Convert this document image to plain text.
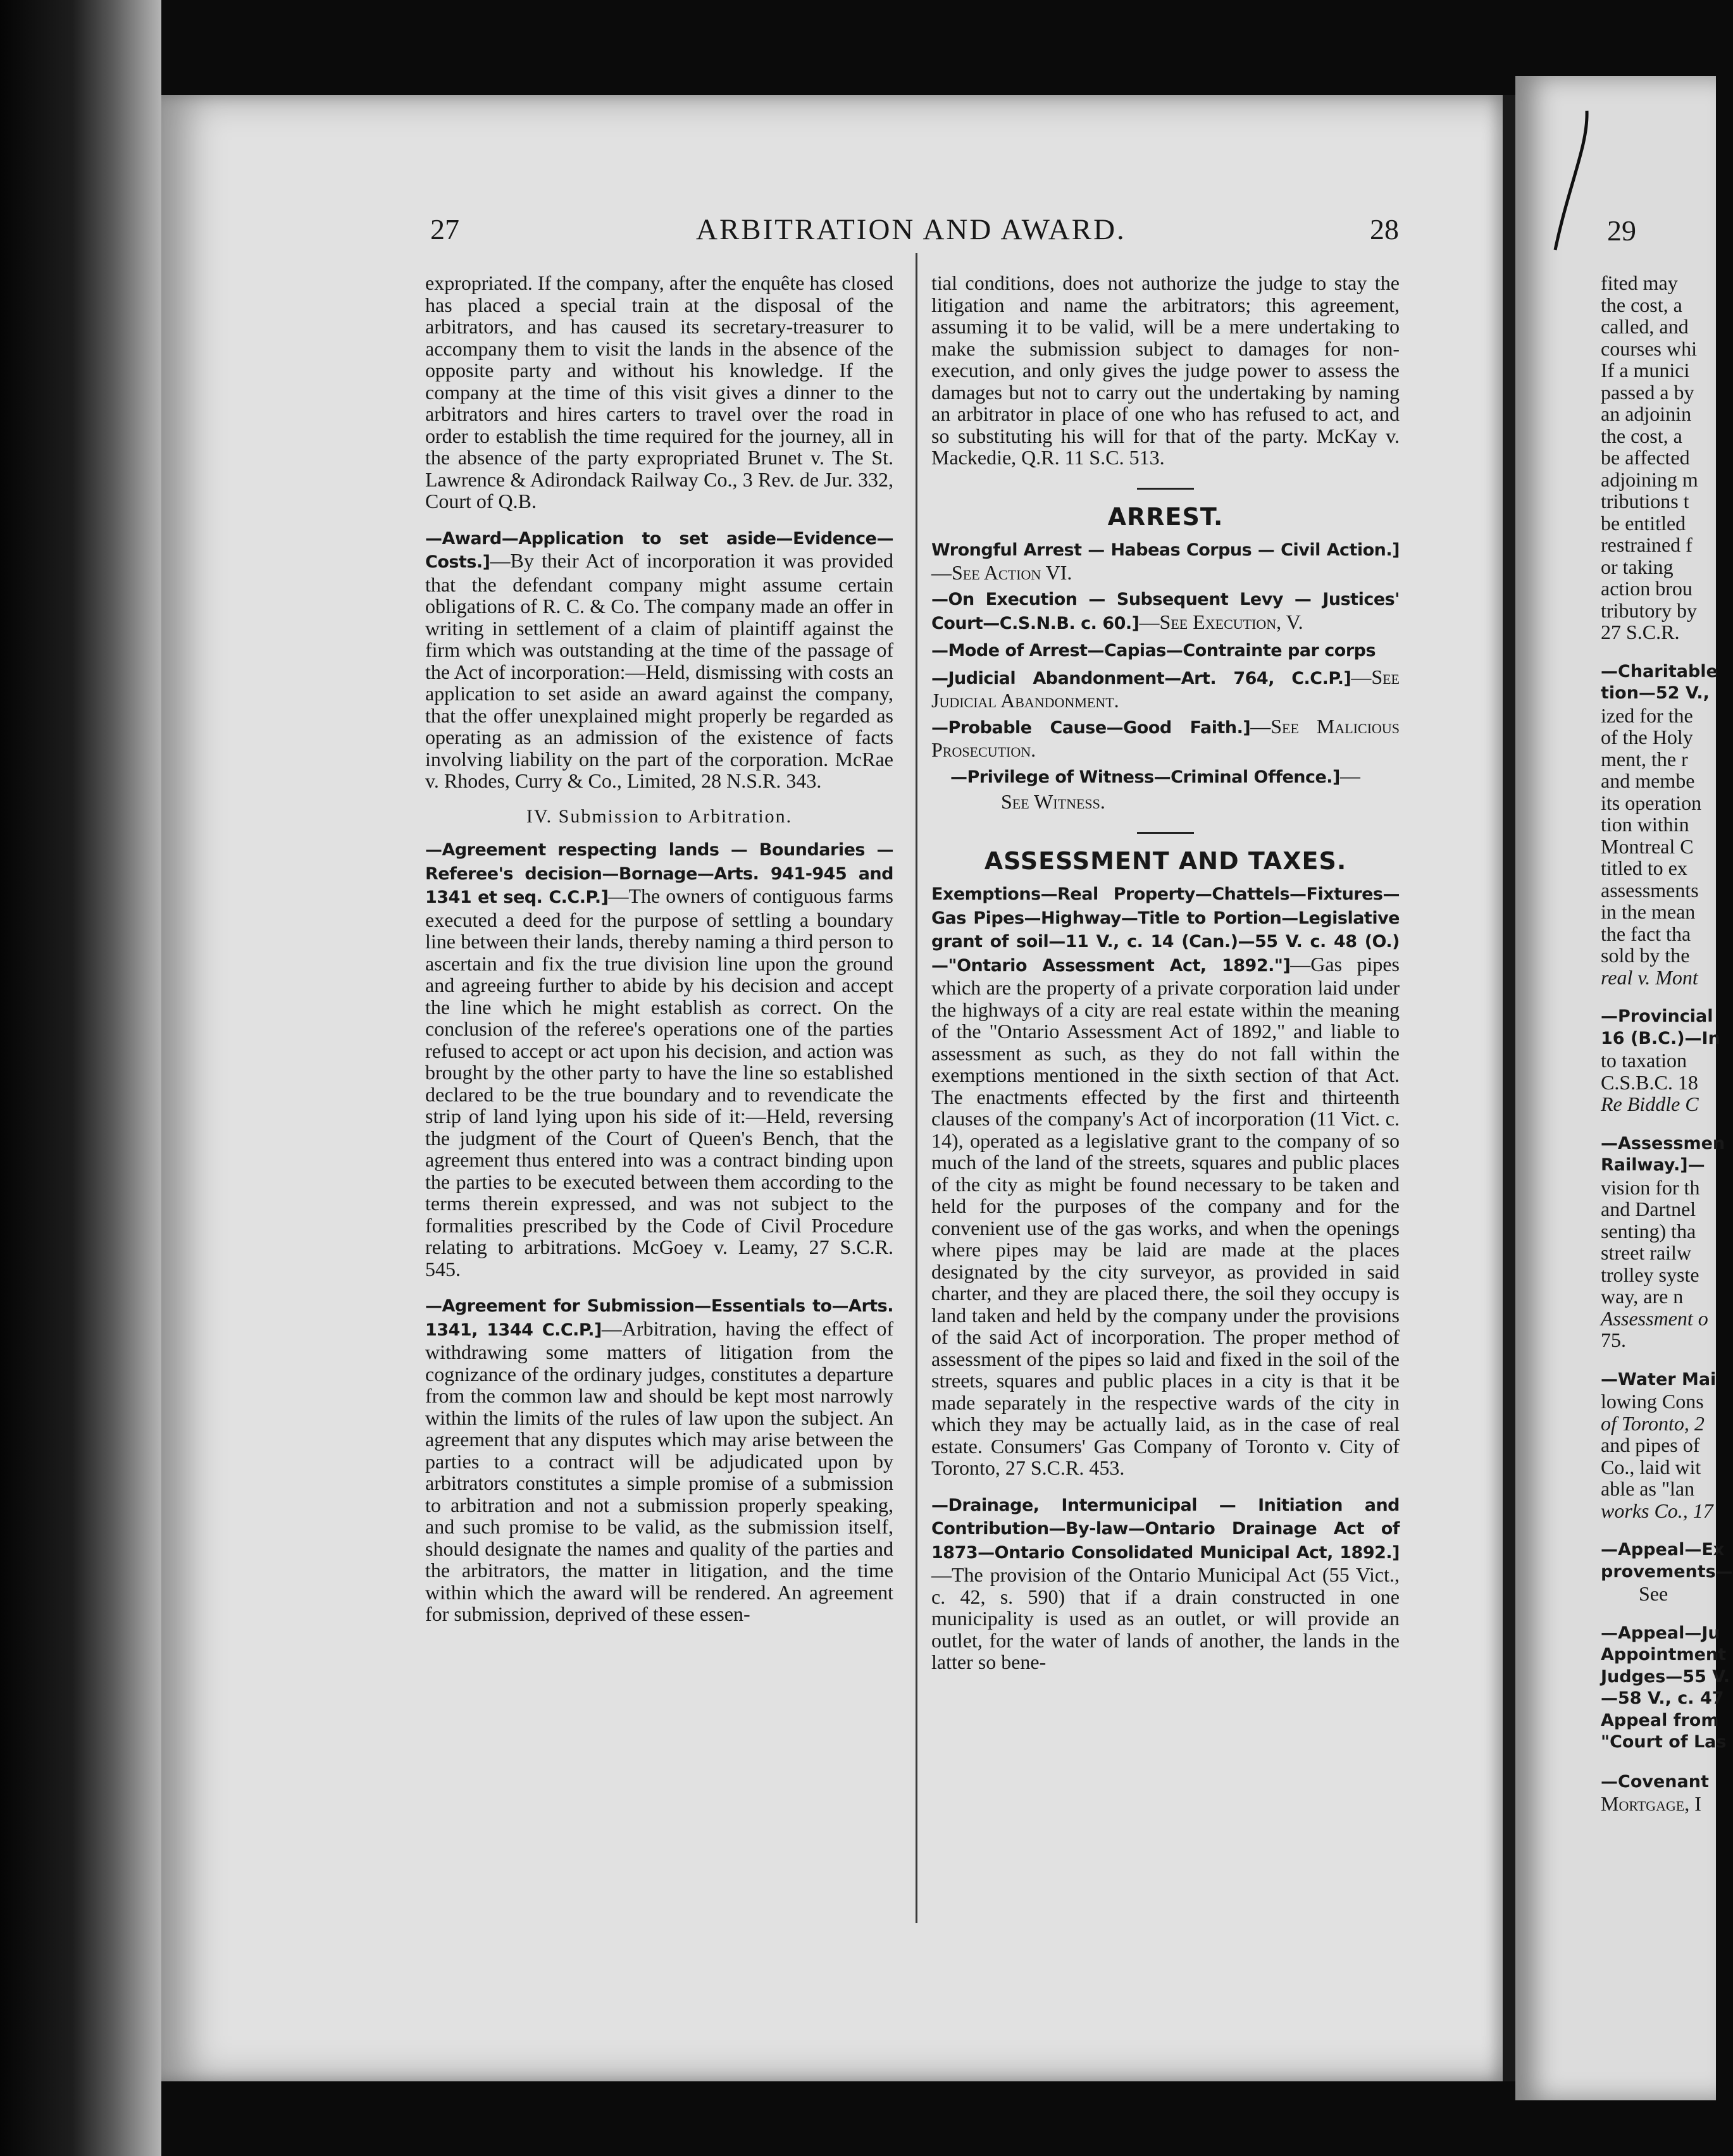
27	ARBITRATION AND AWARD.	28	29

expropriated. If the company, after the enquête has closed has placed a special train at the disposal of the arbitrators, and has caused its secretary-treasurer to accompany them to visit the lands in the absence of the opposite party and without his knowledge. If the company at the time of this visit gives a dinner to the arbitrators and hires carters to travel over the road in order to establish the time required for the journey, all in the absence of the party expropriated Brunet v. The St. Lawrence & Adirondack Railway Co., 3 Rev. de Jur. 332, Court of Q.B.

—Award—Application to set aside—Evidence—Costs.]—By their Act of incorporation it was provided that the defendant company might assume certain obligations of R. C. & Co. The company made an offer in writing in settlement of a claim of plaintiff against the firm which was outstanding at the time of the passage of the Act of incorporation:—Held, dismissing with costs an application to set aside an award against the company, that the offer unexplained might properly be regarded as operating as an admission of the existence of facts involving liability on the part of the corporation. McRae v. Rhodes, Curry & Co., Limited, 28 N.S.R. 343.

IV. Submission to Arbitration.

—Agreement respecting lands — Boundaries — Referee's decision—Bornage—Arts. 941-945 and 1341 et seq. C.C.P.]—The owners of contiguous farms executed a deed for the purpose of settling a boundary line between their lands, thereby naming a third person to ascertain and fix the true division line upon the ground and agreeing further to abide by his decision and accept the line which he might establish as correct. On the conclusion of the referee's operations one of the parties refused to accept or act upon his decision, and action was brought by the other party to have the line so established declared to be the true boundary and to revendicate the strip of land lying upon his side of it:—Held, reversing the judgment of the Court of Queen's Bench, that the agreement thus entered into was a contract binding upon the parties to be executed between them according to the terms therein expressed, and was not subject to the formalities prescribed by the Code of Civil Procedure relating to arbitrations. McGoey v. Leamy, 27 S.C.R. 545.

—Agreement for Submission—Essentials to—Arts. 1341, 1344 C.C.P.]—Arbitration, having the effect of withdrawing some matters of litigation from the cognizance of the ordinary judges, constitutes a departure from the common law and should be kept most narrowly within the limits of the rules of law upon the subject. An agreement that any disputes which may arise between the parties to a contract will be adjudicated upon by arbitrators constitutes a simple promise of a submission to arbitration and not a submission properly speaking, and such promise to be valid, as the submission itself, should designate the names and quality of the parties and the arbitrators, the matter in litigation, and the time within which the award will be rendered. An agreement for submission, deprived of these essen-

tial conditions, does not authorize the judge to stay the litigation and name the arbitrators; this agreement, assuming it to be valid, will be a mere undertaking to make the submission subject to damages for non-execution, and only gives the judge power to assess the damages but not to carry out the undertaking by naming an arbitrator in place of one who has refused to act, and so substituting his will for that of the party. McKay v. Mackedie, Q.R. 11 S.C. 513.

ARREST.

Wrongful Arrest — Habeas Corpus — Civil Action.]—See Action VI.

—On Execution — Subsequent Levy — Justices' Court—C.S.N.B. c. 60.]—See Execution, V.

—Mode of Arrest—Capias—Contrainte par corps

—Judicial Abandonment—Art. 764, C.C.P.]—See Judicial Abandonment.

—Probable Cause—Good Faith.]—See Malicious Prosecution.

—Privilege of Witness—Criminal Offence.]—

See Witness.

ASSESSMENT AND TAXES.

Exemptions—Real Property—Chattels—Fixtures—Gas Pipes—Highway—Title to Portion—Legislative grant of soil—11 V., c. 14 (Can.)—55 V. c. 48 (O.)—"Ontario Assessment Act, 1892."]—Gas pipes which are the property of a private corporation laid under the highways of a city are real estate within the meaning of the "Ontario Assessment Act of 1892," and liable to assessment as such, as they do not fall within the exemptions mentioned in the sixth section of that Act. The enactments effected by the first and thirteenth clauses of the company's Act of incorporation (11 Vict. c. 14), operated as a legislative grant to the company of so much of the land of the streets, squares and public places of the city as might be found necessary to be taken and held for the purposes of the company and for the convenient use of the gas works, and when the openings where pipes may be laid are made at the places designated by the city surveyor, as provided in said charter, and they are placed there, the soil they occupy is land taken and held by the company under the provisions of the said Act of incorporation. The proper method of assessment of the pipes so laid and fixed in the soil of the streets, squares and public places in a city is that it be made separately in the respective wards of the city in which they may be actually laid, as in the case of real estate. Consumers' Gas Company of Toronto v. City of Toronto, 27 S.C.R. 453.

—Drainage, Intermunicipal — Initiation and Contribution—By-law—Ontario Drainage Act of 1873—Ontario Consolidated Municipal Act, 1892.]—The provision of the Ontario Municipal Act (55 Vict., c. 42, s. 590) that if a drain constructed in one municipality is used as an outlet, or will provide an outlet, for the water of lands of another, the lands in the latter so bene-

fited may
the cost, a
called, and
courses whi
If a munici
passed a by
an adjoinin
the cost, a
be affected
adjoining m
tributions t
be entitled
restrained f
or taking
action brou
tributory by
27 S.C.R.
—Charitable
tion—52 V.,
ized for the
of the Holy
ment, the r
and membe
its operation
tion within
Montreal C
titled to ex
assessments
in the mean
the fact tha
sold by the
real v. Mont
—Provincial
16 (B.C.)—In
to taxation
C.S.B.C. 18
Re Biddle C
—Assessmen
Railway.]—
vision for th
and Dartnel
senting) tha
street railw
trolley syste
way, are n
Assessment o
75.
—Water Mai
lowing Cons
of Toronto, 2
and pipes of
Co., laid wit
able as "lan
works Co., 17
—Appeal—Ex
provements—
See
—Appeal—Ju
Appointment
Judges—55 V.
—58 V., c. 47
Appeal from
"Court of Las
—Covenant
Mortgage, I
